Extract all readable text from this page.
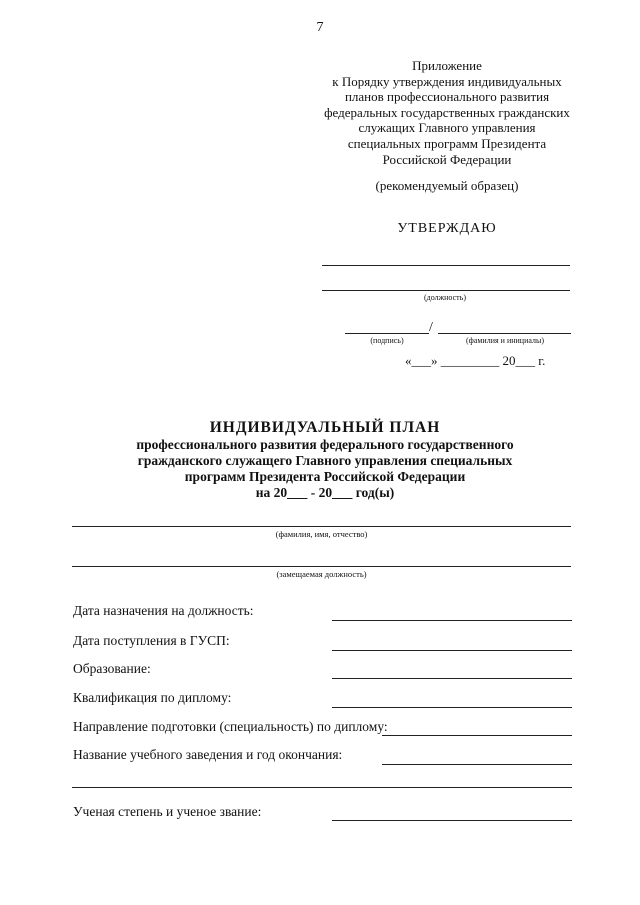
7
Приложение
к Порядку утверждения индивидуальных
планов профессионального развития
федеральных государственных гражданских
служащих Главного управления
специальных программ Президента
Российской Федерации
(рекомендуемый образец)
УТВЕРЖДАЮ
(должность)
/
(подпись)	(фамилия и инициалы)
«___» _________ 20___ г.
ИНДИВИДУАЛЬНЫЙ ПЛАН
профессионального развития федерального государственного
гражданского служащего Главного управления специальных
программ Президента Российской Федерации
на 20___ - 20___ год(ы)
(фамилия, имя, отчество)
(замещаемая должность)
Дата назначения на должность:
Дата поступления в ГУСП:
Образование:
Квалификация по диплому:
Направление подготовки (специальность) по диплому:
Название учебного заведения и год окончания:
Ученая степень и ученое звание:
